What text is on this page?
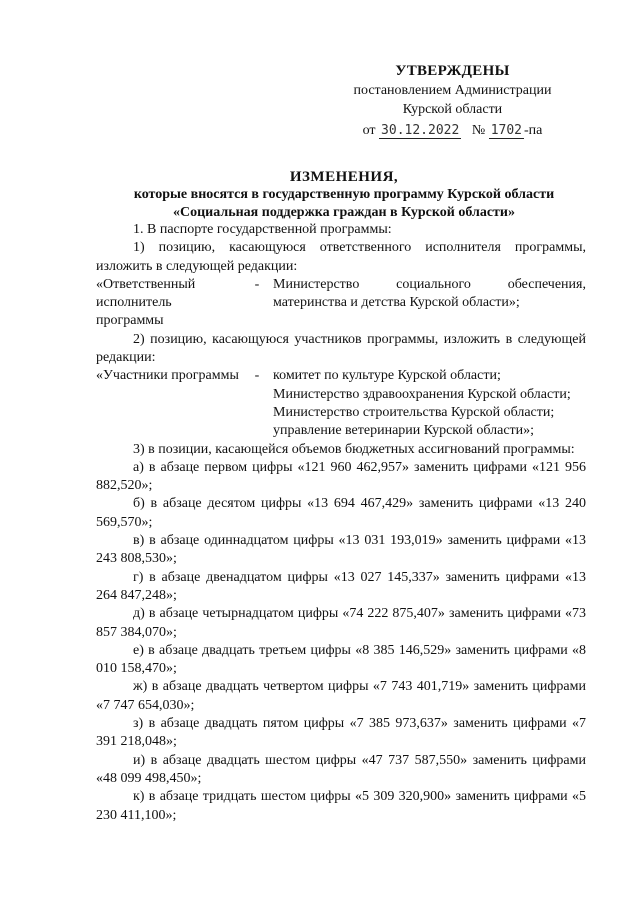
УТВЕРЖДЕНЫ
постановлением Администрации
Курской области
от 30.12.2022 № 1702 -па
ИЗМЕНЕНИЯ,
которые вносятся в государственную программу Курской области
«Социальная поддержка граждан в Курской области»

1. В паспорте государственной программы:

1) позицию, касающуюся ответственного исполнителя программы, изложить в следующей редакции:

«Ответственный исполнитель программы
- Министерство социального обеспечения, материнства и детства Курской области»;

2) позицию, касающуюся участников программы, изложить в следующей редакции:

«Участники программы	- комитет по культуре Курской области;
Министерство здравоохранения Курской области;
Министерство строительства Курской области;
управление ветеринарии Курской области»;

3) в позиции, касающейся объемов бюджетных ассигнований программы:

а) в абзаце первом цифры «121 960 462,957» заменить цифрами «121 956 882,520»;

б) в абзаце десятом цифры «13 694 467,429» заменить цифрами «13 240 569,570»;

в) в абзаце одиннадцатом цифры «13 031 193,019» заменить цифрами «13 243 808,530»;

г) в абзаце двенадцатом цифры «13 027 145,337» заменить цифрами «13 264 847,248»;

д) в абзаце четырнадцатом цифры «74 222 875,407» заменить цифрами «73 857 384,070»;

е) в абзаце двадцать третьем цифры «8 385 146,529» заменить цифрами «8 010 158,470»;

ж) в абзаце двадцать четвертом цифры «7 743 401,719» заменить цифрами «7 747 654,030»;

з) в абзаце двадцать пятом цифры «7 385 973,637» заменить цифрами «7 391 218,048»;

и) в абзаце двадцать шестом цифры «47 737 587,550» заменить цифрами «48 099 498,450»;

к) в абзаце тридцать шестом цифры «5 309 320,900» заменить цифрами «5 230 411,100»;
